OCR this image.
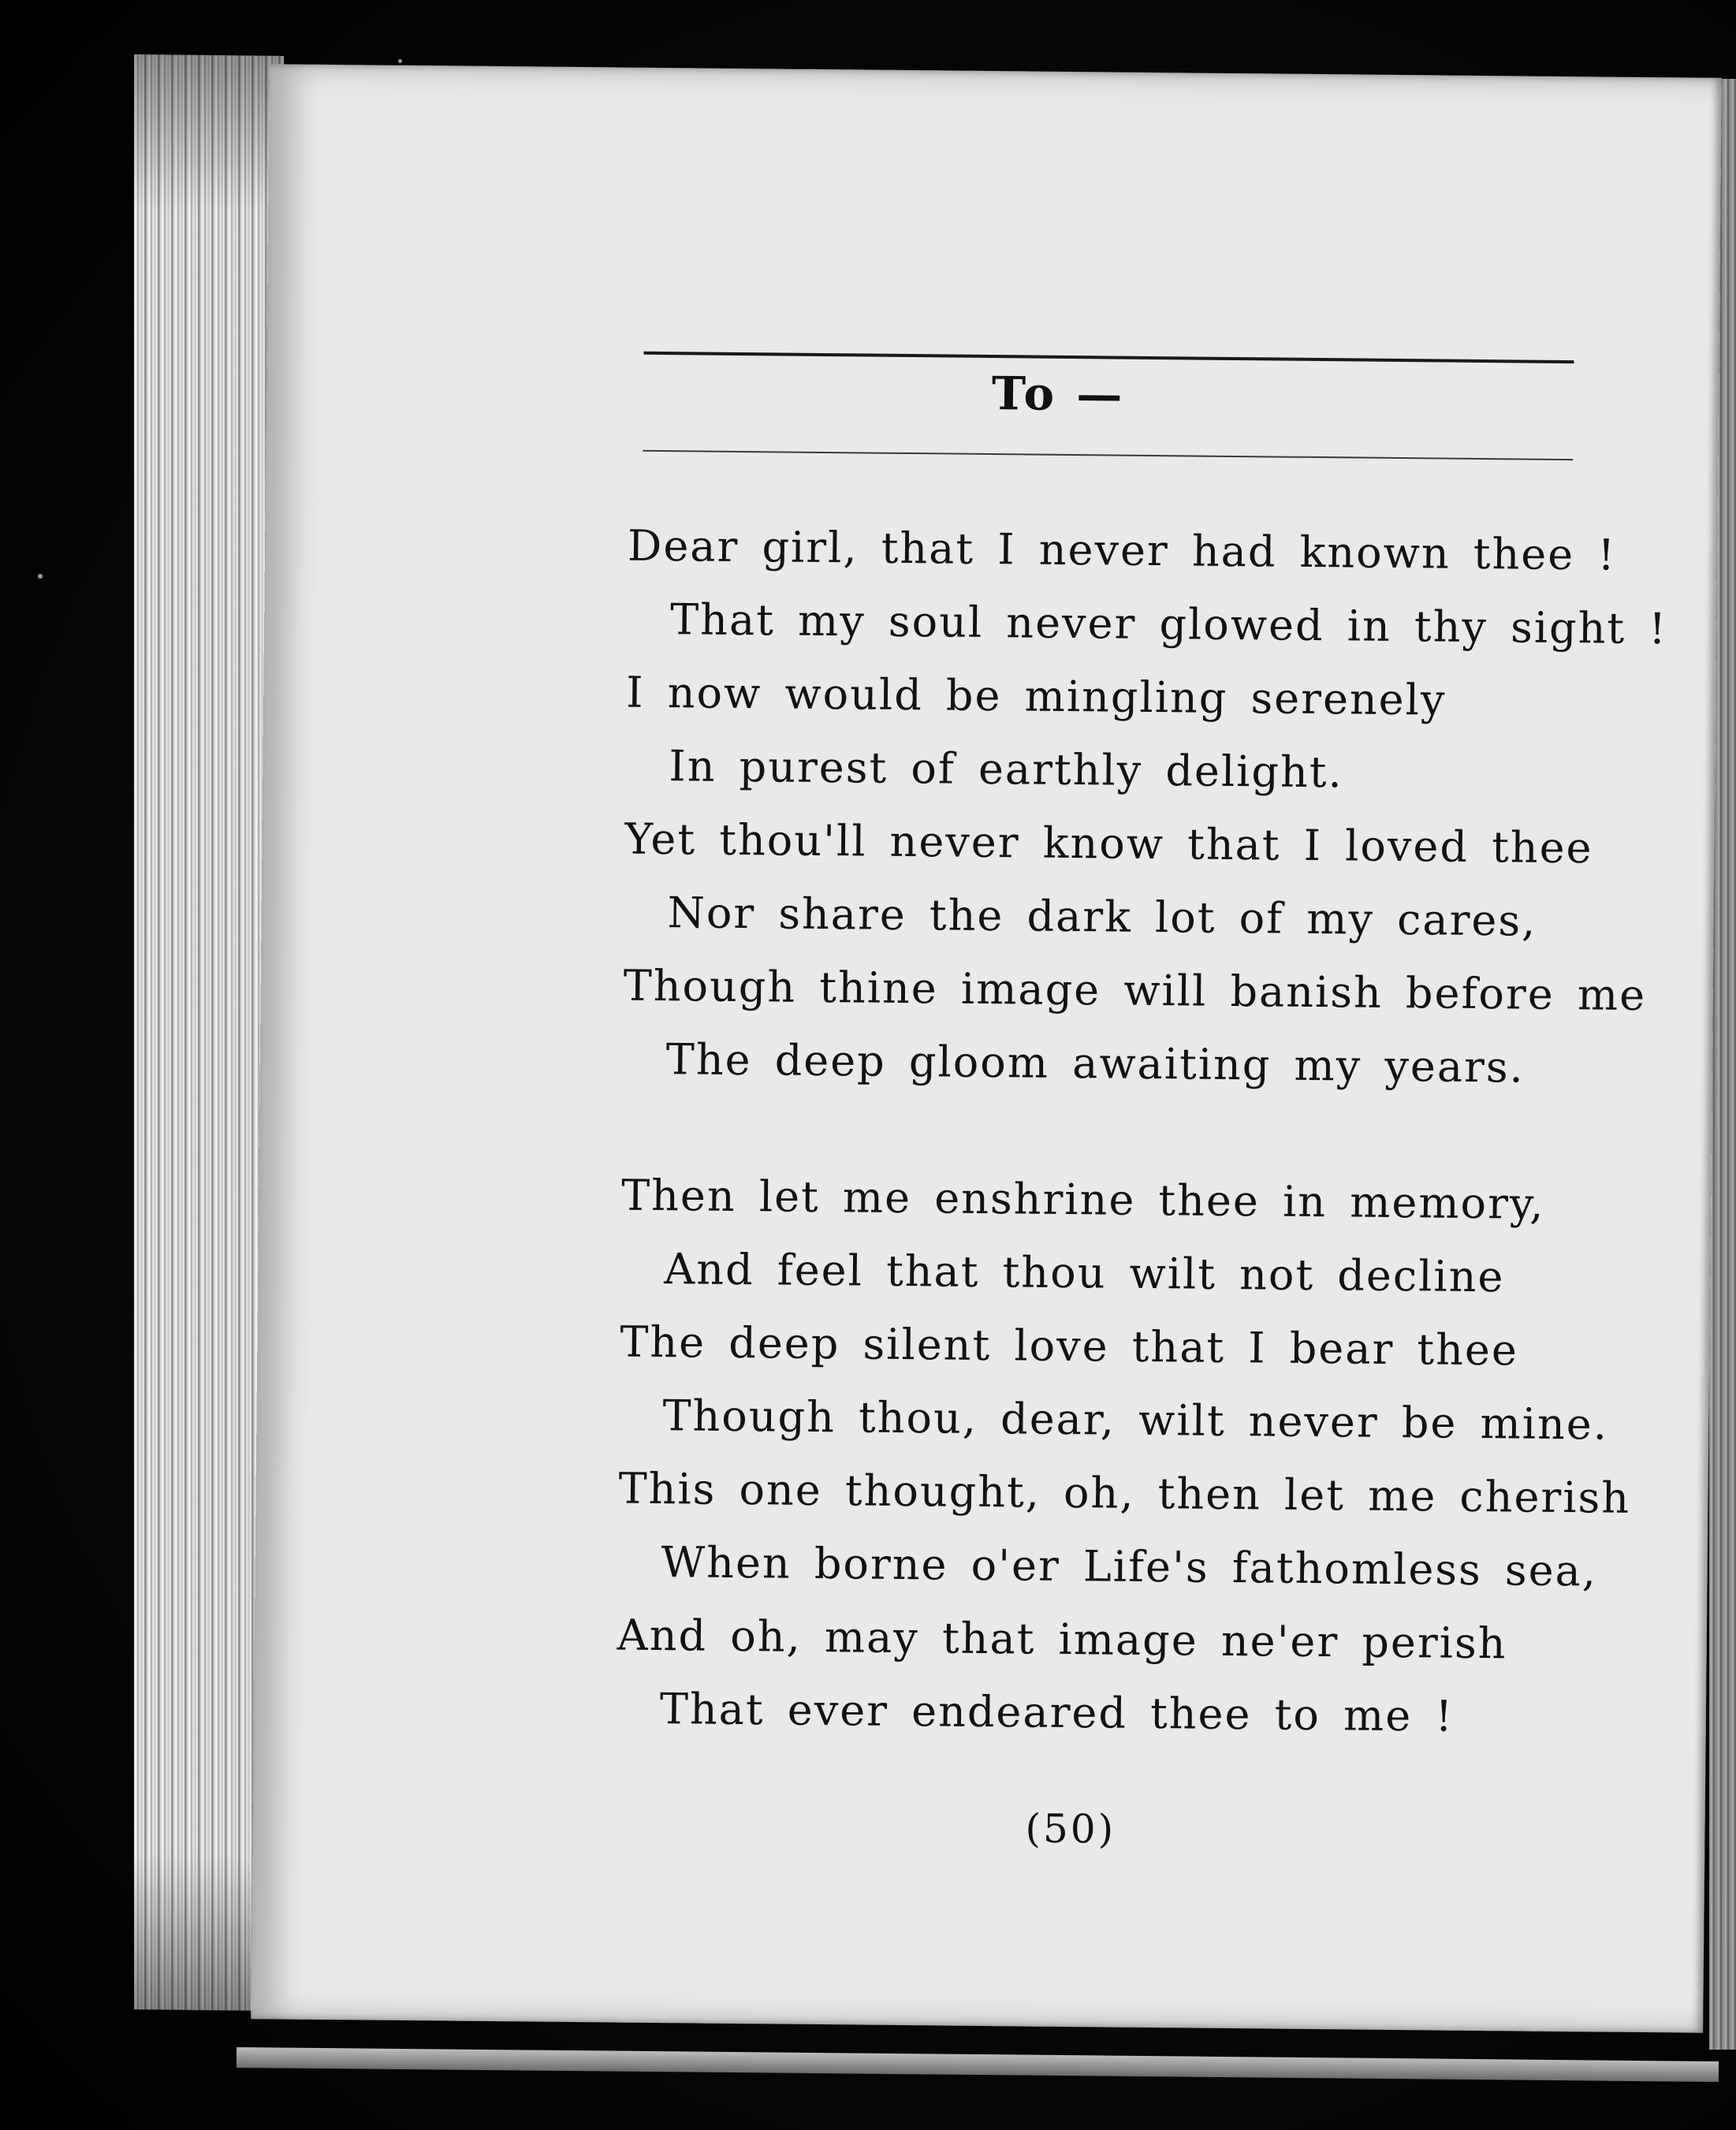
To —
Dear girl, that I never had known thee !
That my soul never glowed in thy sight !
I now would be mingling serenely
In purest of earthly delight.
Yet thou'll never know that I loved thee
Nor share the dark lot of my cares,
Though thine image will banish before me
The deep gloom awaiting my years.
Then let me enshrine thee in memory,
And feel that thou wilt not decline
The deep silent love that I bear thee
Though thou, dear, wilt never be mine.
This one thought, oh, then let me cherish
When borne o'er Life's fathomless sea,
And oh, may that image ne'er perish
That ever endeared thee to me !
(50)
